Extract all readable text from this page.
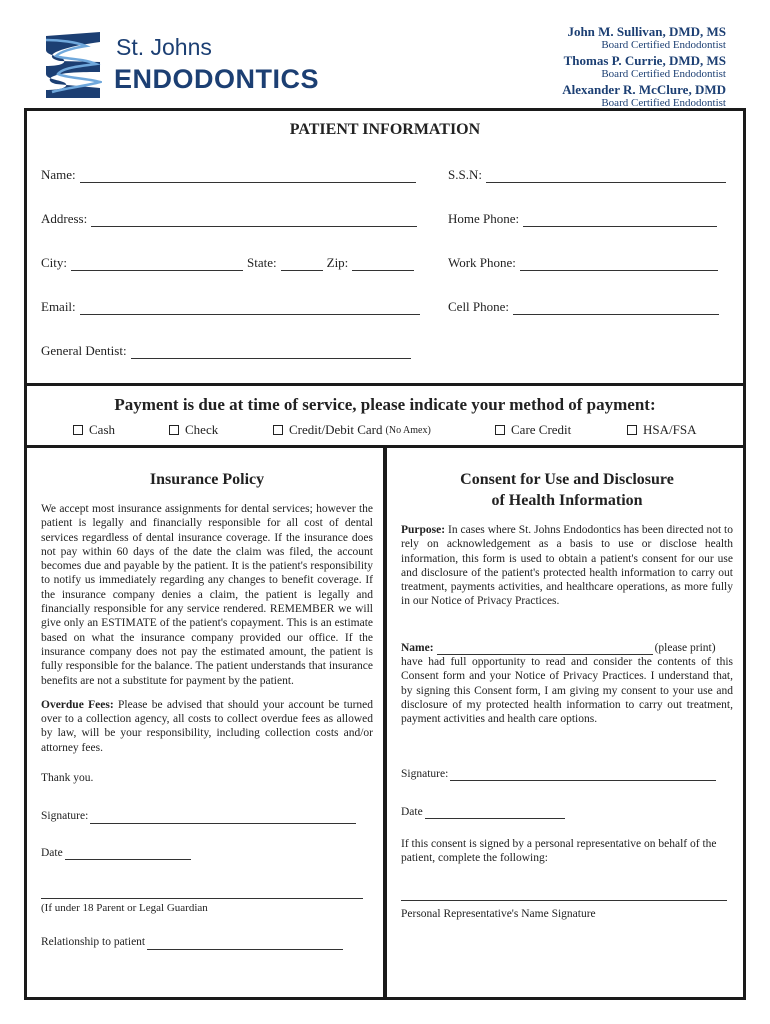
St. Johns
ENDODONTICS
John M. Sullivan, DMD, MS
Board Certified Endodontist
Thomas P. Currie, DMD, MS
Board Certified Endodontist
Alexander R. McClure, DMD
Board Certified Endodontist
PATIENT INFORMATION
Name:	S.S.N:
Address:	Home Phone:
City:	State:	Zip:	Work Phone:
Email:	Cell Phone:
General Dentist:
Payment is due at time of service, please indicate your method of payment:
Cash	Check	Credit/Debit Card (No Amex)	Care Credit	HSA/FSA
Insurance Policy

We accept most insurance assignments for dental services; however the patient is legally and financially responsible for all cost of dental services regardless of dental insurance coverage. If the insurance does not pay within 60 days of the date the claim was filed, the account becomes due and payable by the patient. It is the patient's responsibility to notify us immediately regarding any changes to benefit coverage. If the insurance company denies a claim, the patient is legally and financially responsible for any service rendered. REMEMBER we will give only an ESTIMATE of the patient's copayment. This is an estimate based on what the insurance company provided our office. If the insurance company does not pay the estimated amount, the patient is fully responsible for the balance. The patient understands that insurance benefits are not a substitute for payment by the patient.

Overdue Fees: Please be advised that should your account be turned over to a collection agency, all costs to collect overdue fees as allowed by law, will be your responsibility, including collection costs and/or attorney fees.

Thank you.

Signature:
Date

(If under 18 Parent or Legal Guardian

Relationship to patient
Consent for Use and Disclosure
of Health Information

Purpose: In cases where St. Johns Endodontics has been directed not to rely on acknowledgement as a basis to use or disclose health information, this form is used to obtain a patient's consent for our use and disclosure of the patient's protected health information to carry out treatment, payments activities, and healthcare operations, as more fully in our Notice of Privacy Practices.

Name:	(please print)

have had full opportunity to read and consider the contents of this Consent form and your Notice of Privacy Practices. I understand that, by signing this Consent form, I am giving my consent to your use and disclosure of my protected health information to carry out treatment, payment activities and health care options.

Signature:
Date

If this consent is signed by a personal representative on behalf of the patient, complete the following:

Personal Representative's Name Signature
